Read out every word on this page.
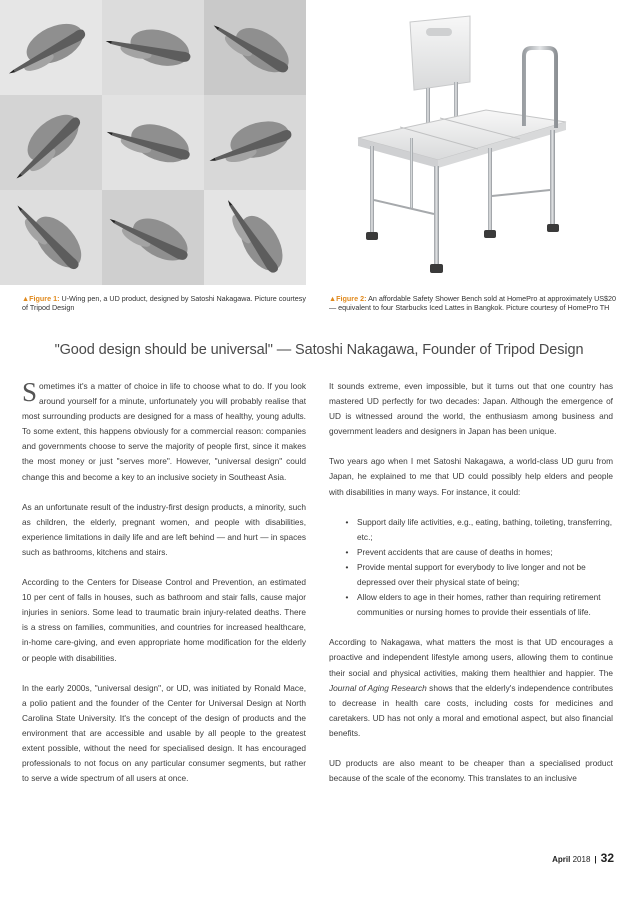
▲Figure 1: U-Wing pen, a UD product, designed by Satoshi Nakagawa. Picture courtesy of Tripod Design
▲Figure 2: An affordable Safety Shower Bench sold at HomePro at approximately US$20 — equivalent to four Starbucks Iced Lattes in Bangkok. Picture courtesy of HomePro TH
"Good design should be universal" — Satoshi Nakagawa, Founder of Tripod Design

Sometimes it's a matter of choice in life to choose what to do. If you look around yourself for a minute, unfortunately you will probably realise that most surrounding products are designed for a mass of healthy, young adults. To some extent, this happens obviously for a commercial reason: companies and governments choose to serve the majority of people first, since it makes the most money or just "serves more". However, "universal design" could change this and become a key to an inclusive society in Southeast Asia.

As an unfortunate result of the industry-first design products, a minority, such as children, the elderly, pregnant women, and people with disabilities, experience limitations in daily life and are left behind — and hurt — in spaces such as bathrooms, kitchens and stairs.

According to the Centers for Disease Control and Prevention, an estimated 10 per cent of falls in houses, such as bathroom and stair falls, cause major injuries in seniors. Some lead to traumatic brain injury-related deaths. There is a stress on families, communities, and countries for increased healthcare, in-home care-giving, and even appropriate home modification for the elderly or people with disabilities.

In the early 2000s, "universal design", or UD, was initiated by Ronald Mace, a polio patient and the founder of the Center for Universal Design at North Carolina State University. It's the concept of the design of products and the environment that are accessible and usable by all people to the greatest extent possible, without the need for specialised design. It has encouraged professionals to not focus on any particular consumer segments, but rather to serve a wide spectrum of all users at once.

It sounds extreme, even impossible, but it turns out that one country has mastered UD perfectly for two decades: Japan. Although the emergence of UD is witnessed around the world, the enthusiasm among business and government leaders and designers in Japan has been unique.

Two years ago when I met Satoshi Nakagawa, a world-class UD guru from Japan, he explained to me that UD could possibly help elders and people with disabilities in many ways. For instance, it could:

• Support daily life activities, e.g., eating, bathing, toileting, transferring, etc.;
• Prevent accidents that are cause of deaths in homes;
• Provide mental support for everybody to live longer and not be depressed over their physical state of being;
• Allow elders to age in their homes, rather than requiring retirement communities or nursing homes to provide their essentials of life.

According to Nakagawa, what matters the most is that UD encourages a proactive and independent lifestyle among users, allowing them to continue their social and physical activities, making them healthier and happier. The Journal of Aging Research shows that the elderly's independence contributes to decrease in health care costs, including costs for medicines and caretakers. UD has not only a moral and emotional aspect, but also financial benefits.

UD products are also meant to be cheaper than a specialised product because of the scale of the economy. This translates to an inclusive

April 2018 | 32
